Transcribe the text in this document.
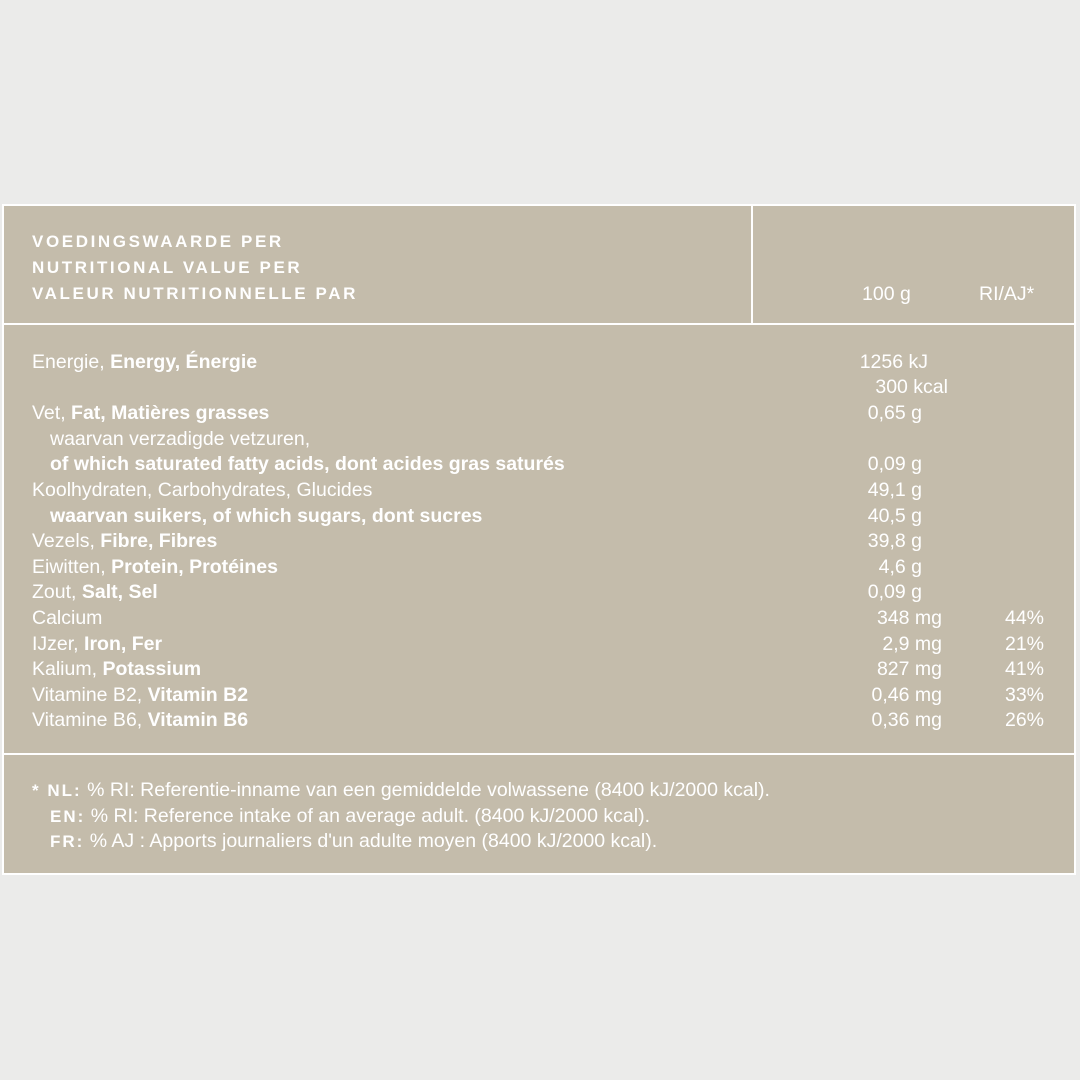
VOEDINGSWAARDE PER
NUTRITIONAL VALUE PER
VALEUR NUTRITIONNELLE PAR	100 g	RI/AJ*
Energie, Energy, Énergie	1256 kJ
300 kcal
Vet, Fat, Matières grasses	0,65 g
waarvan verzadigde vetzuren,
of which saturated fatty acids, dont acides gras saturés	0,09 g
Koolhydraten, Carbohydrates, Glucides	49,1 g
waarvan suikers, of which sugars, dont sucres	40,5 g
Vezels, Fibre, Fibres	39,8 g
Eiwitten, Protein, Protéines	4,6 g
Zout, Salt, Sel	0,09 g
Calcium	348 mg	44%
IJzer, Iron, Fer	2,9 mg	21%
Kalium, Potassium	827 mg	41%
Vitamine B2, Vitamin B2	0,46 mg	33%
Vitamine B6, Vitamin B6	0,36 mg	26%
* NL: % RI: Referentie-inname van een gemiddelde volwassene (8400 kJ/2000 kcal).
EN: % RI: Reference intake of an average adult. (8400 kJ/2000 kcal).
FR: % AJ : Apports journaliers d'un adulte moyen (8400 kJ/2000 kcal).
